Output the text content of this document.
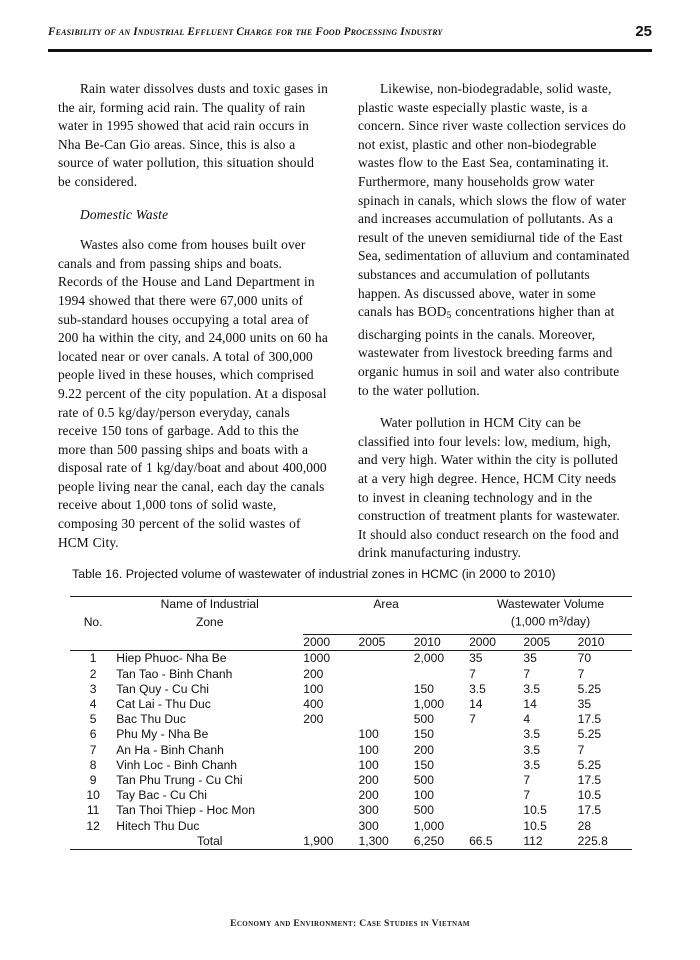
Feasibility of an Industrial Effluent Charge for the Food Processing Industry	25

Rain water dissolves dusts and toxic gases in the air, forming acid rain. The quality of rain water in 1995 showed that acid rain occurs in Nha Be-Can Gio areas. Since, this is also a source of water pollution, this situation should be considered.

Domestic Waste

Wastes also come from houses built over canals and from passing ships and boats. Records of the House and Land Department in 1994 showed that there were 67,000 units of sub-standard houses occupying a total area of 200 ha within the city, and 24,000 units on 60 ha located near or over canals. A total of 300,000 people lived in these houses, which comprised 9.22 percent of the city population. At a disposal rate of 0.5 kg/day/person everyday, canals receive 150 tons of garbage. Add to this the more than 500 passing ships and boats with a disposal rate of 1 kg/day/boat and about 400,000 people living near the canal, each day the canals receive about 1,000 tons of solid waste, composing 30 percent of the solid wastes of HCM City.

Likewise, non-biodegradable, solid waste, plastic waste especially plastic waste, is a concern. Since river waste collection services do not exist, plastic and other non-biodegrable wastes flow to the East Sea, contaminating it. Furthermore, many households grow water spinach in canals, which slows the flow of water and increases accumulation of pollutants. As a result of the uneven semidiurnal tide of the East Sea, sedimentation of alluvium and contaminated substances and accumulation of pollutants happen. As discussed above, water in some canals has $BOD_5$ concentrations higher than at discharging points in the canals. Moreover, wastewater from livestock breeding farms and organic humus in soil and water also contribute to the water pollution.

Water pollution in HCM City can be classified into four levels: low, medium, high, and very high. Water within the city is polluted at a very high degree. Hence, HCM City needs to invest in cleaning technology and in the construction of treatment plants for wastewater. It should also conduct research on the food and drink manufacturing industry.

Table 16. Projected volume of wastewater of industrial zones in HCMC (in 2000 to 2010)
No.	Name of Industrial	Area			Wastewater Volume		
	Zone				(1,000 $m^3/day$)		

		2000	2005	2010	2000	2005	2010
1	Hiep Phuoc- Nha Be	1000		2,000	35	35	70
2	Tan Tao - Binh Chanh	200			7	7	7
3	Tan Quy - Cu Chi	100		150	3.5	3.5	5.25
4	Cat Lai - Thu Duc	400		1,000	14	14	35
5	Bac Thu Duc	200		500	7	4	17.5
6	Phu My - Nha Be		100	150		3.5	5.25
7	An Ha - Binh Chanh		100	200		3.5	7
8	Vinh Loc - Binh Chanh		100	150		3.5	5.25
9	Tan Phu Trung - Cu Chi		200	500		7	17.5
10	Tay Bac - Cu Chi		200	100		7	10.5
11	Tan Thoi Thiep - Hoc Mon		300	500		10.5	17.5
12	Hitech Thu Duc		300	1,000		10.5	28
	Total	1,900	1,300	6,250	66.5	112	225.8
Economy and Environment: Case Studies in Vietnam
